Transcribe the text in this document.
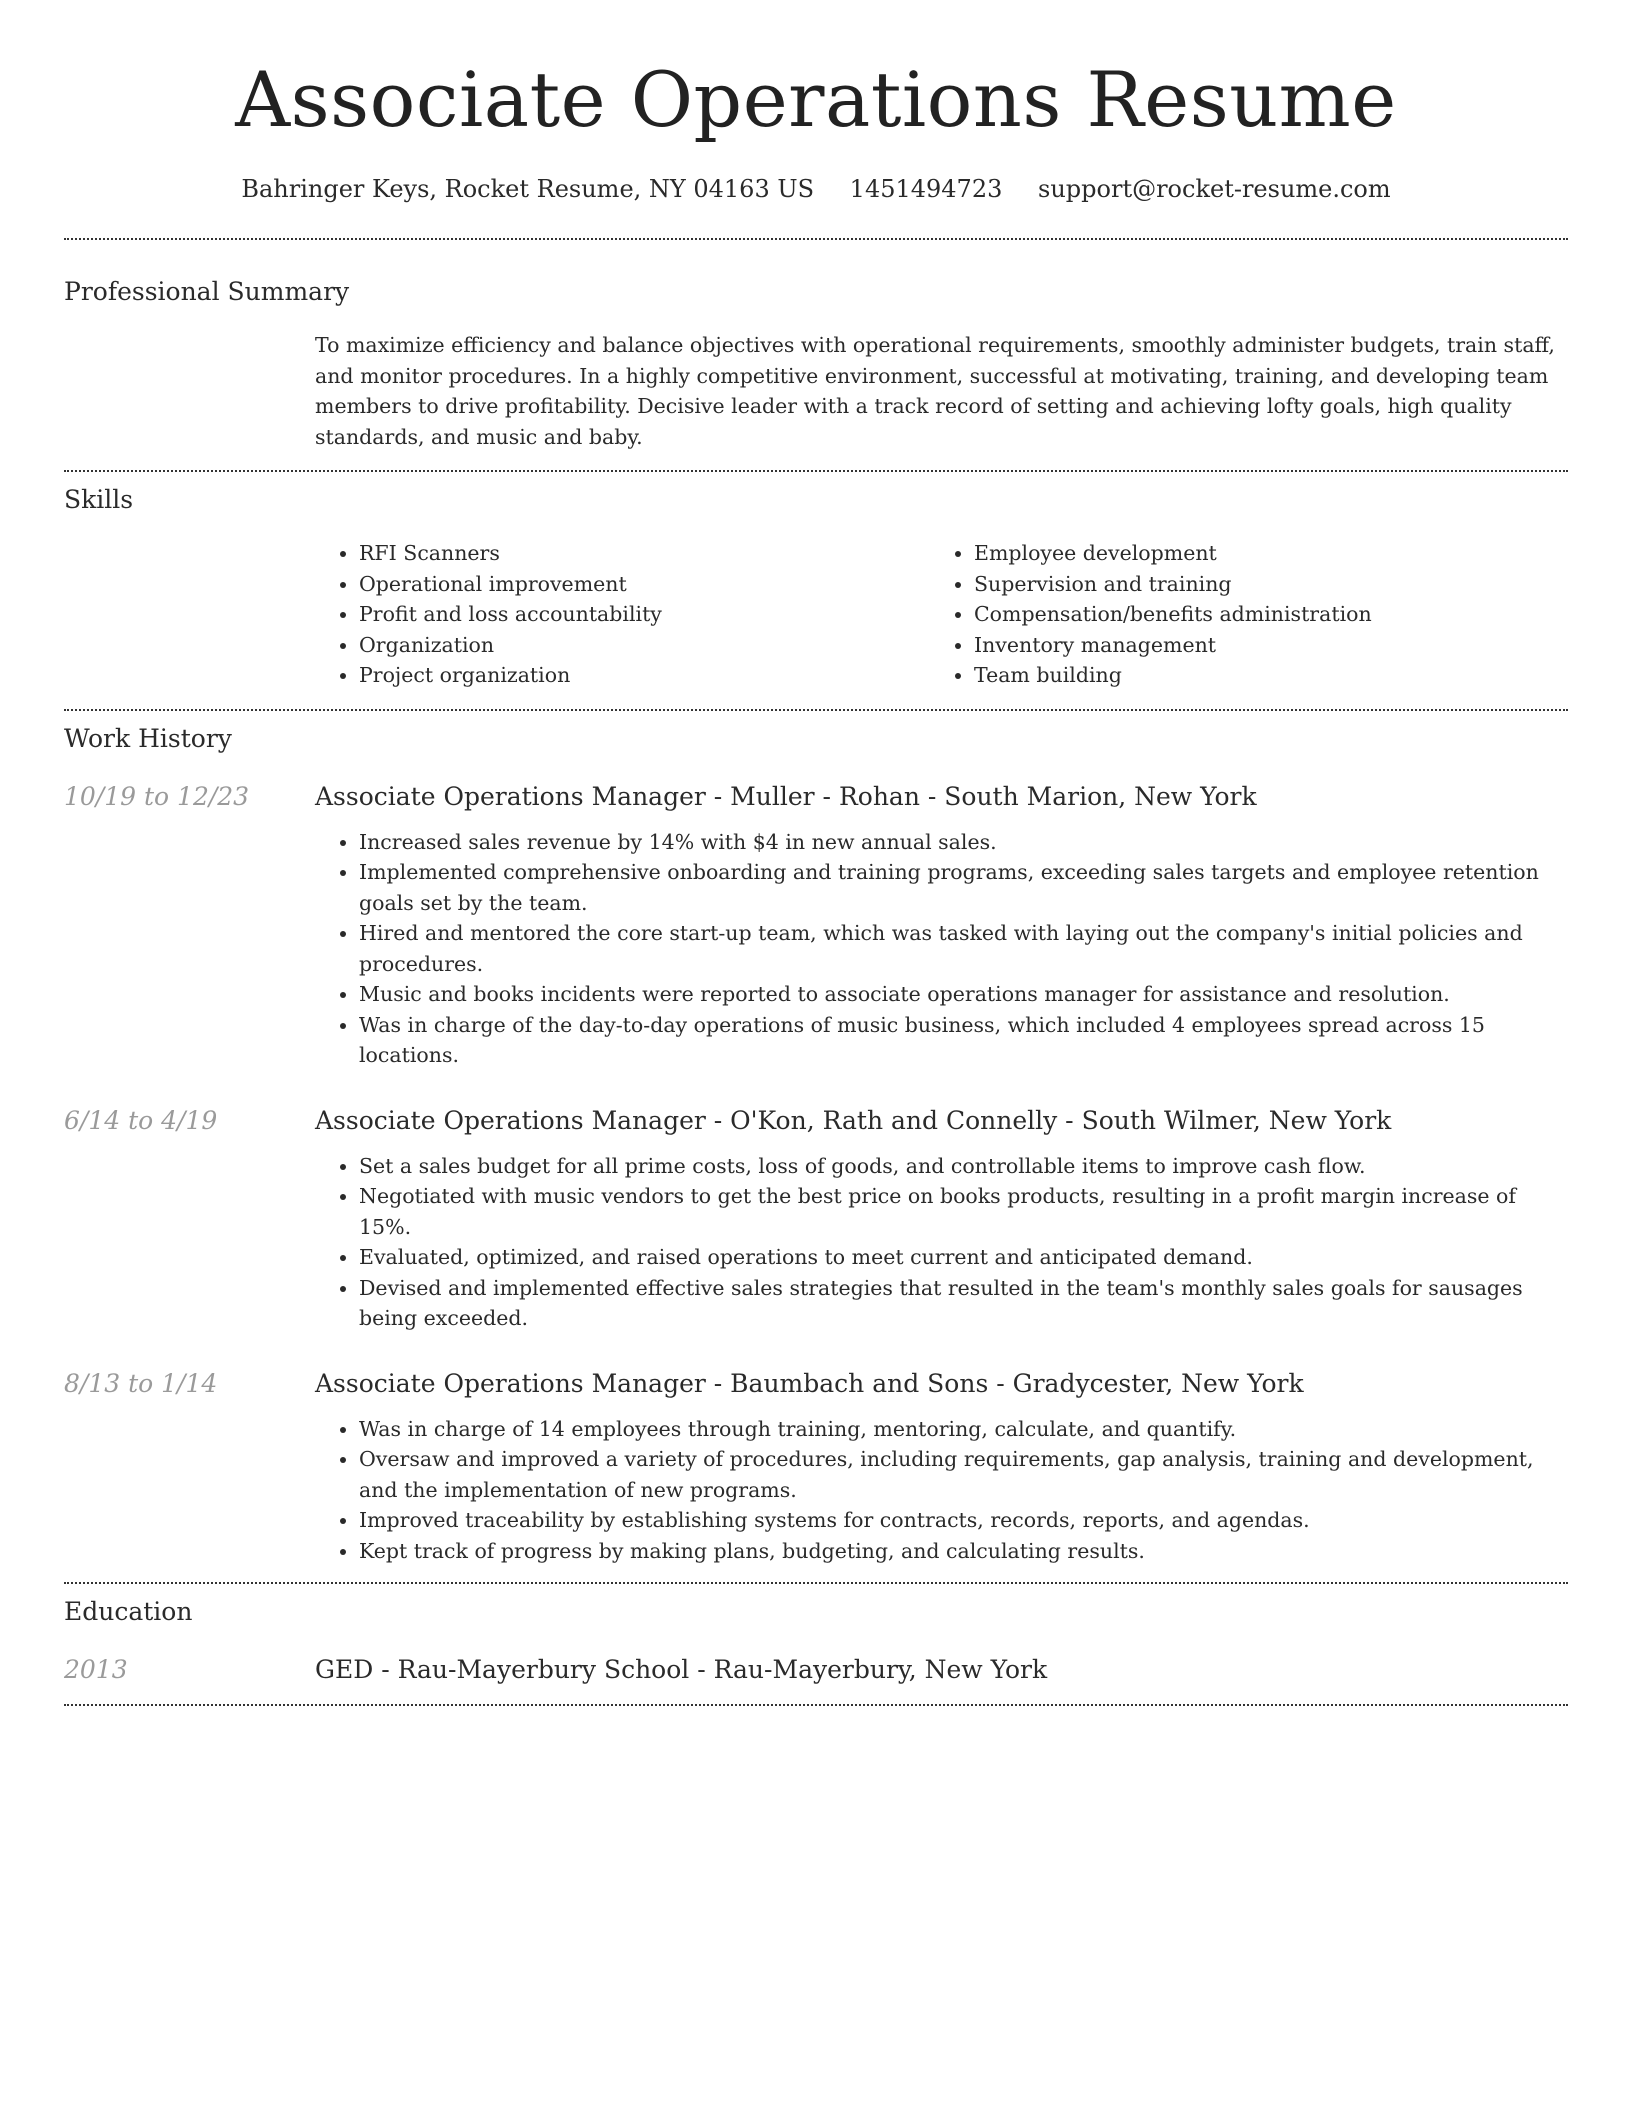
Associate Operations Resume
Bahringer Keys, Rocket Resume, NY 04163 US 1451494723 support@rocket-resume.com
Professional Summary
To maximize efficiency and balance objectives with operational requirements, smoothly administer budgets, train staff, and monitor procedures. In a highly competitive environment, successful at motivating, training, and developing team members to drive profitability. Decisive leader with a track record of setting and achieving lofty goals, high quality standards, and music and baby.
Skills
• RFI Scanners
• Operational improvement
• Profit and loss accountability
• Organization
• Project organization
• Employee development
• Supervision and training
• Compensation/benefits administration
• Inventory management
• Team building
Work History
10/19 to 12/23	Associate Operations Manager - Muller - Rohan - South Marion, New York
• Increased sales revenue by 14% with $4 in new annual sales.
• Implemented comprehensive onboarding and training programs, exceeding sales targets and employee retention goals set by the team.
• Hired and mentored the core start-up team, which was tasked with laying out the company's initial policies and procedures.
• Music and books incidents were reported to associate operations manager for assistance and resolution.
• Was in charge of the day-to-day operations of music business, which included 4 employees spread across 15 locations.
6/14 to 4/19	Associate Operations Manager - O'Kon, Rath and Connelly - South Wilmer, New York
• Set a sales budget for all prime costs, loss of goods, and controllable items to improve cash flow.
• Negotiated with music vendors to get the best price on books products, resulting in a profit margin increase of 15%.
• Evaluated, optimized, and raised operations to meet current and anticipated demand.
• Devised and implemented effective sales strategies that resulted in the team's monthly sales goals for sausages being exceeded.
8/13 to 1/14	Associate Operations Manager - Baumbach and Sons - Gradycester, New York
• Was in charge of 14 employees through training, mentoring, calculate, and quantify.
• Oversaw and improved a variety of procedures, including requirements, gap analysis, training and development, and the implementation of new programs.
• Improved traceability by establishing systems for contracts, records, reports, and agendas.
• Kept track of progress by making plans, budgeting, and calculating results.
Education
2013	GED - Rau-Mayerbury School - Rau-Mayerbury, New York
